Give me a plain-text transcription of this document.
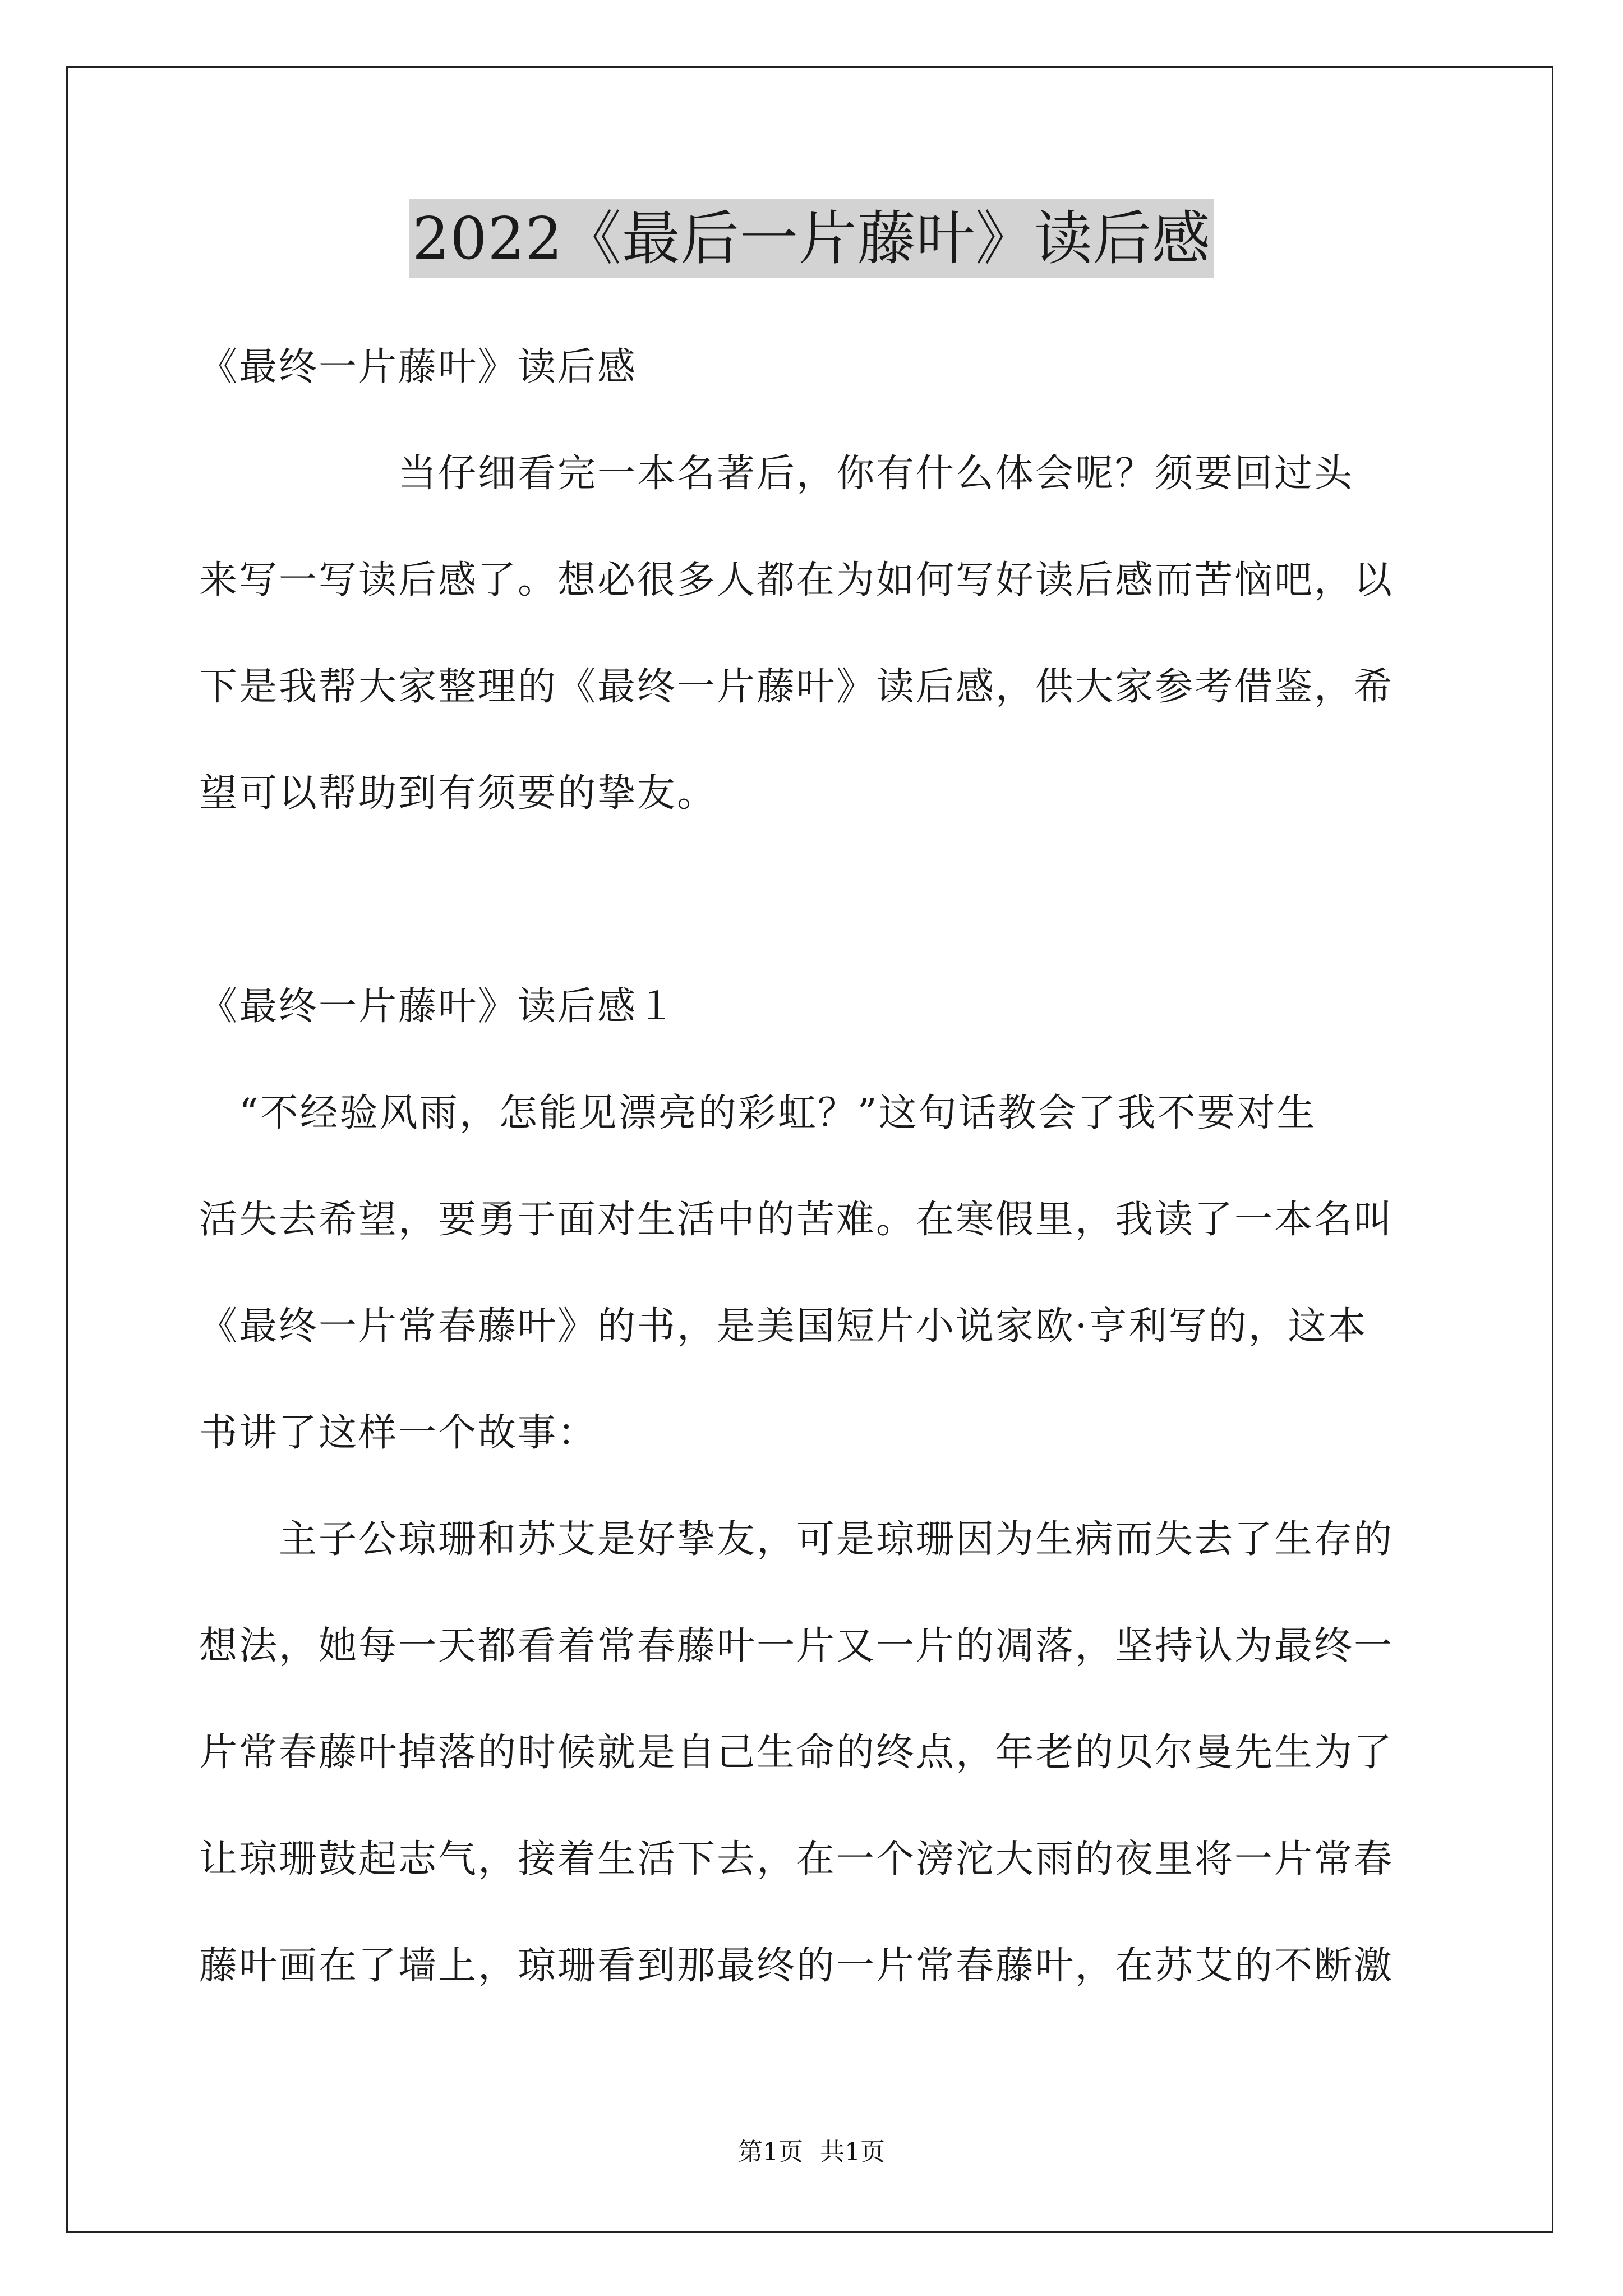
2022《最后一片藤叶》读后感
《最终一片藤叶》读后感
　　　　　当仔细看完一本名著后，你有什么体会呢？须要回过头
来写一写读后感了。想必很多人都在为如何写好读后感而苦恼吧，以
下是我帮大家整理的《最终一片藤叶》读后感，供大家参考借鉴，希
望可以帮助到有须要的挚友。
《最终一片藤叶》读后感１
　“不经验风雨，怎能见漂亮的彩虹？”这句话教会了我不要对生
活失去希望，要勇于面对生活中的苦难。在寒假里，我读了一本名叫
《最终一片常春藤叶》的书，是美国短片小说家欧·亨利写的，这本
书讲了这样一个故事：
　　主子公琼珊和苏艾是好挚友，可是琼珊因为生病而失去了生存的
想法，她每一天都看着常春藤叶一片又一片的凋落，坚持认为最终一
片常春藤叶掉落的时候就是自己生命的终点，年老的贝尔曼先生为了
让琼珊鼓起志气，接着生活下去，在一个滂沱大雨的夜里将一片常春
藤叶画在了墙上，琼珊看到那最终的一片常春藤叶，在苏艾的不断激
第1页 共1页
